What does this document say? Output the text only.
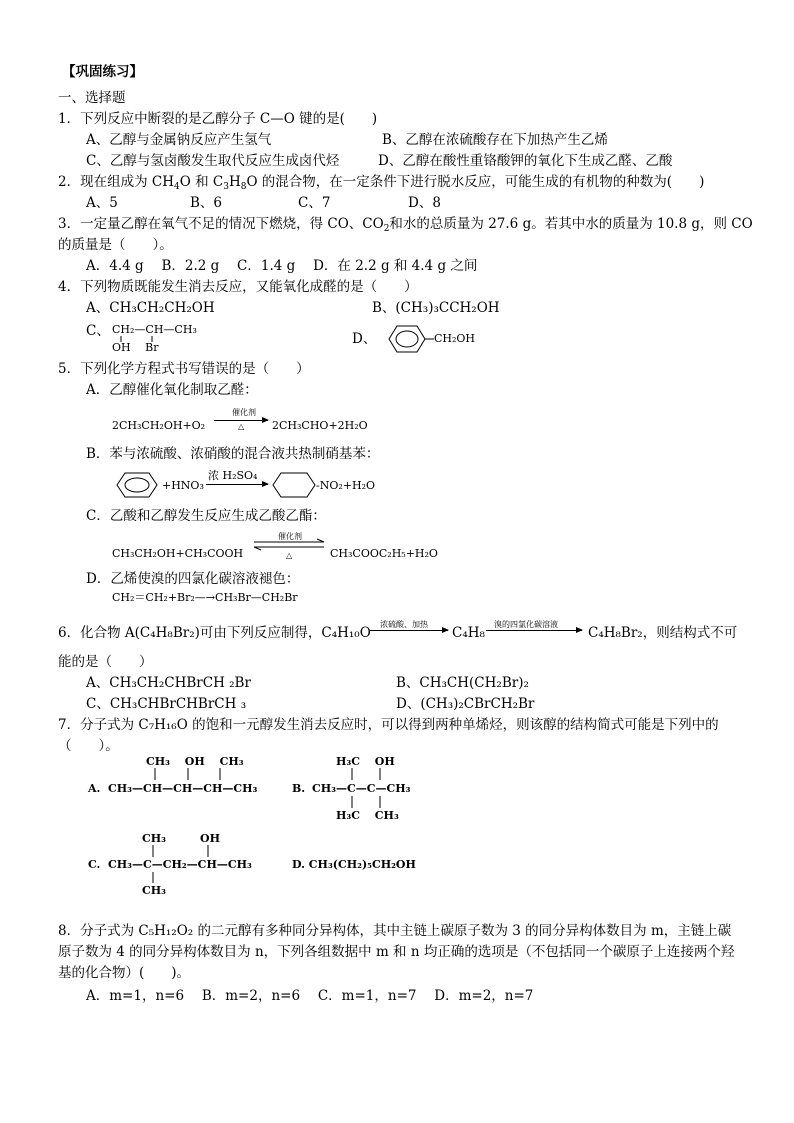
【巩固练习】
一、选择题
1．下列反应中断裂的是乙醇分子 C—O 键的是(　　)
A、乙醇与金属钠反应产生氢气	B、乙醇在浓硫酸存在下加热产生乙烯
C、乙醇与氢卤酸发生取代反应生成卤代烃	D、乙醇在酸性重铬酸钾的氧化下生成乙醛、乙酸
2．现在组成为 $CH_4O$ 和 $C_3H_8O$ 的混合物，在一定条件下进行脱水反应，可能生成的有机物的种数为(　　)
A、5	B、6	C、7	D、8
3．一定量乙醇在氧气不足的情况下燃烧，得 CO、$CO_2$和水的总质量为 27.6 g。若其中水的质量为 10.8 g，则 CO
的质量是（　　）。
A．4.4 g　 B．2.2 g　 C．1.4 g　 D．在 2.2 g 和 4.4 g 之间
4．下列物质既能发生消去反应，又能氧化成醛的是（　　）
A、CH₃CH₂CH₂OH	B、(CH₃)₃CCH₂OH
C、 CH₂—CH—CH₃
OH　 Br
D、	CH₂OH
5．下列化学方程式书写错误的是（　　）
A．乙醇催化氧化制取乙醛：
2CH₃CH₂OH+O₂
催化剂
△	2CH₃CHO+2H₂O
B．苯与浓硫酸、浓硝酸的混合液共热制硝基苯：
+HNO₃
浓 H₂SO₄
-NO₂+H₂O
C．乙酸和乙醇发生反应生成乙酸乙酯：
CH₃CH₂OH+CH₃COOH
催化剂
△	CH₃COOC₂H₅+H₂O
D．乙烯使溴的四氯化碳溶液褪色：
CH₂＝CH₂+Br₂—→CH₃Br—CH₂Br
6．化合物 A(C₄H₈Br₂)可由下列反应制得，C₄H₁₀O
浓硫酸、加热
C₄H₈
溴的四氯化碳溶液
C₄H₈Br₂，则结构式不可
能的是（　　）
A、CH₃CH₂CHBrCH ₂Br	B、CH₃CH(CH₂Br)₂
C、CH₃CHBrCHBrCH ₃	D、(CH₃)₂CBrCH₂Br
7．分子式为 C₇H₁₆O 的饱和一元醇发生消去反应时，可以得到两种单烯烃，则该醇的结构简式可能是下列中的
（　　）。
CH₃　 OH　 CH₃
A. CH₃—CH—CH—CH—CH₃
H₃C　 OH
B. CH₃—C—C—CH₃
H₃C　 CH₃
CH₃	OH
C. CH₃—C—CH₂—CH—CH₃
CH₃
D. CH₃(CH₂)₅CH₂OH
8．分子式为 C₅H₁₂O₂ 的二元醇有多种同分异构体，其中主链上碳原子数为 3 的同分异构体数目为 m，主链上碳
原子数为 4 的同分异构体数目为 n，下列各组数据中 m 和 n 均正确的选项是（不包括同一个碳原子上连接两个羟
基的化合物）(　　)。
A．m=1，n=6　 B．m=2，n=6　 C．m=1，n=7　 D．m=2，n=7
